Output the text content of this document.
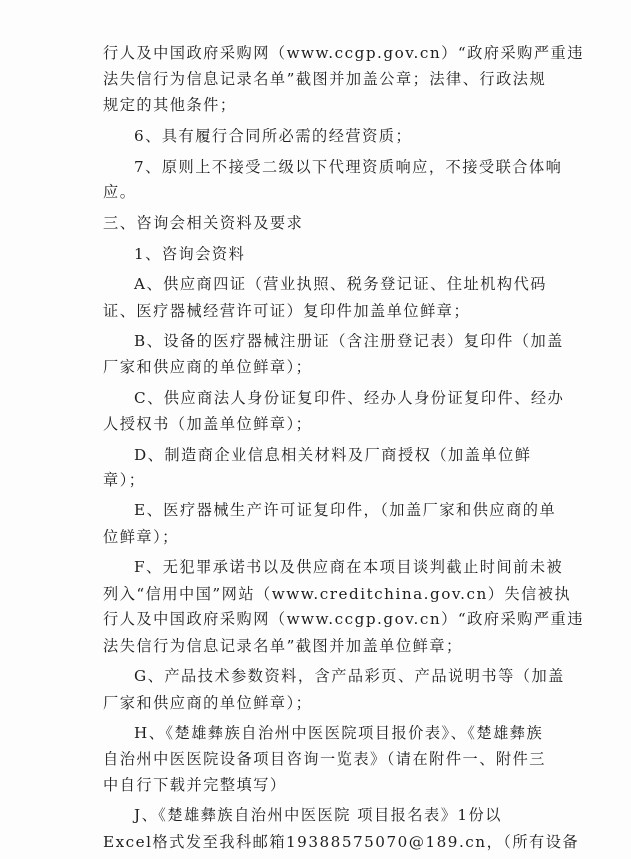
行人及中国政府采购网（www.ccgp.gov.cn）“政府采购严重违
法失信行为信息记录名单”截图并加盖公章；法律、行政法规
规定的其他条件；
6、具有履行合同所必需的经营资质；
7、原则上不接受二级以下代理资质响应，不接受联合体响
应。
三、咨询会相关资料及要求
1、咨询会资料
A、供应商四证（营业执照、税务登记证、住址机构代码
证、医疗器械经营许可证）复印件加盖单位鲜章；
B、设备的医疗器械注册证（含注册登记表）复印件（加盖
厂家和供应商的单位鲜章）；
C、供应商法人身份证复印件、经办人身份证复印件、经办
人授权书（加盖单位鲜章）；
D、制造商企业信息相关材料及厂商授权（加盖单位鲜
章）；
E、医疗器械生产许可证复印件，（加盖厂家和供应商的单
位鲜章）；
F、无犯罪承诺书以及供应商在本项目谈判截止时间前未被
列入“信用中国”网站（www.creditchina.gov.cn）失信被执
行人及中国政府采购网（www.ccgp.gov.cn）“政府采购严重违
法失信行为信息记录名单”截图并加盖单位鲜章；
G、产品技术参数资料，含产品彩页、产品说明书等（加盖
厂家和供应商的单位鲜章）；
H、《楚雄彝族自治州中医医院项目报价表》、《楚雄彝族
自治州中医医院设备项目咨询一览表》（请在附件一、附件三
中自行下载并完整填写）
J、《楚雄彝族自治州中医医院 项目报名表》1份以
Excel格式发至我科邮箱19388575070@189.cn，（所有设备
